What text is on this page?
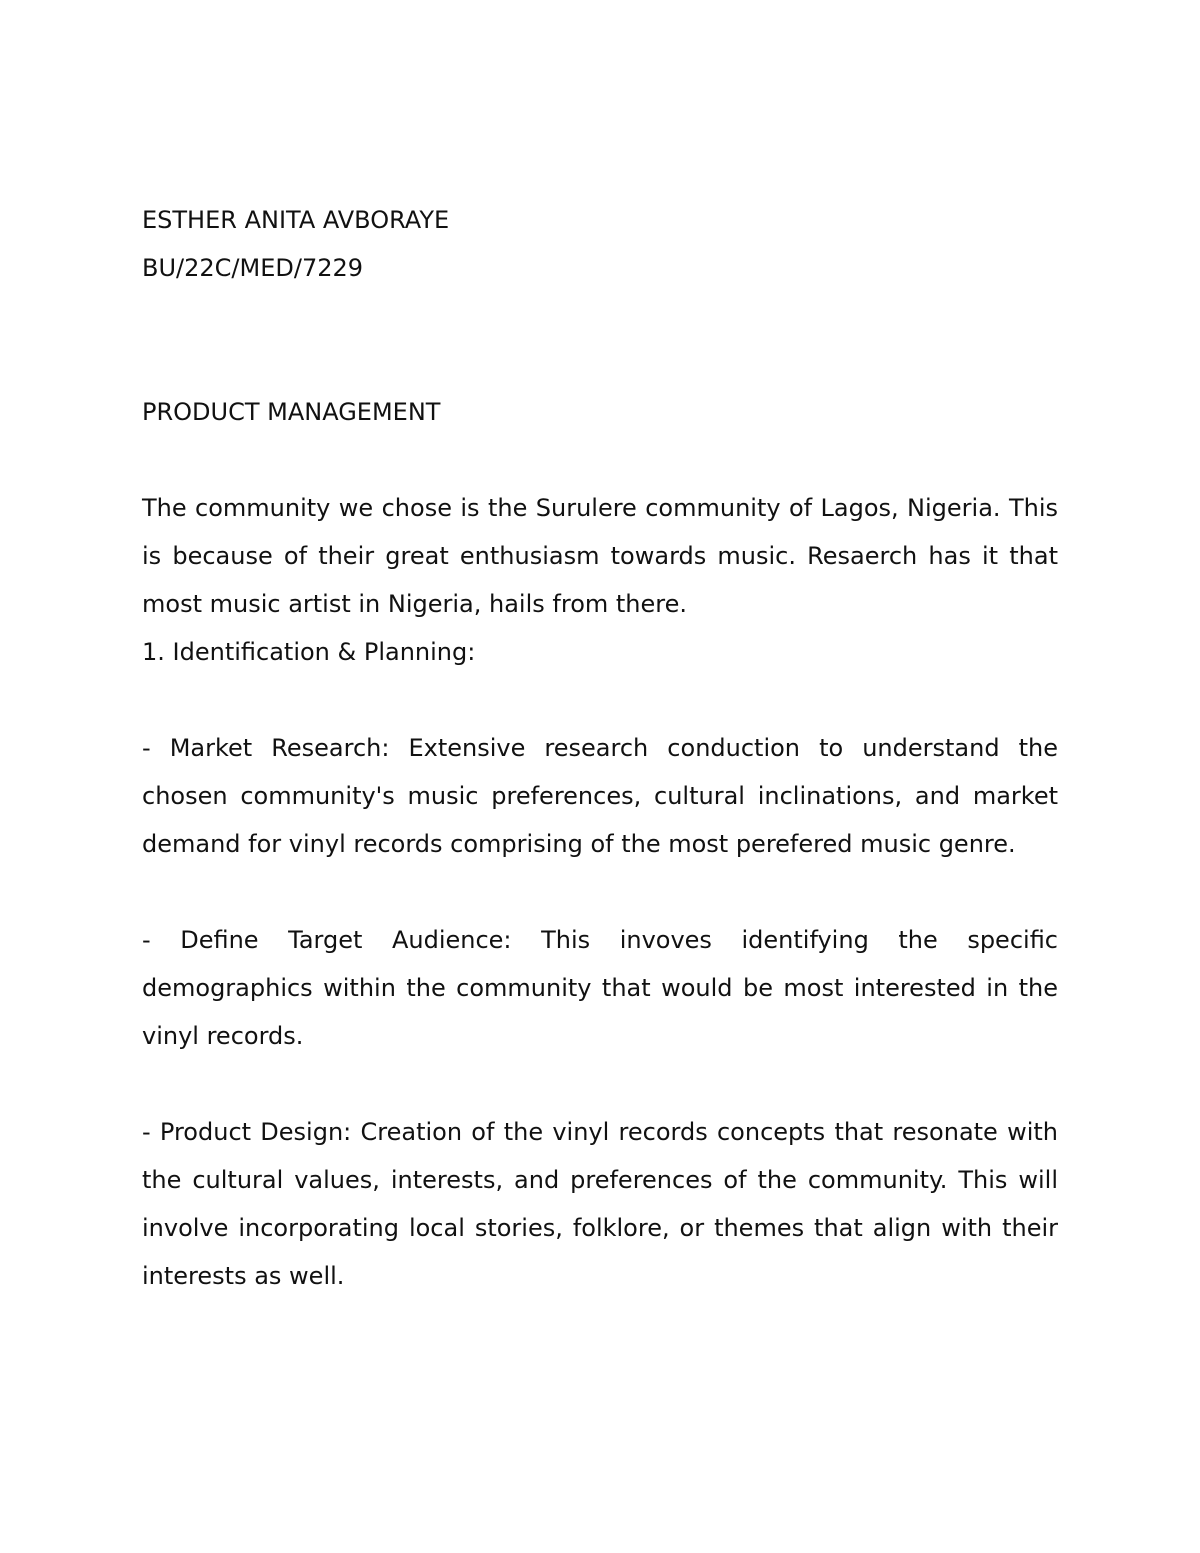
ESTHER ANITA AVBORAYE
BU/22C/MED/7229
PRODUCT MANAGEMENT

The community we chose is the Surulere community of Lagos, Nigeria. This is because of their great enthusiasm towards music. Resaerch has it that most music artist in Nigeria, hails from there.

1. Identification & Planning:

- Market Research: Extensive research conduction to understand the chosen community's music preferences, cultural inclinations, and market demand for vinyl records comprising of the most perefered music genre.

- Define Target Audience: This invoves identifying the specific demographics within the community that would be most interested in the vinyl records.

- Product Design: Creation of the vinyl records concepts that resonate with the cultural values, interests, and preferences of the community. This will involve incorporating local stories, folklore, or themes that align with their interests as well.
